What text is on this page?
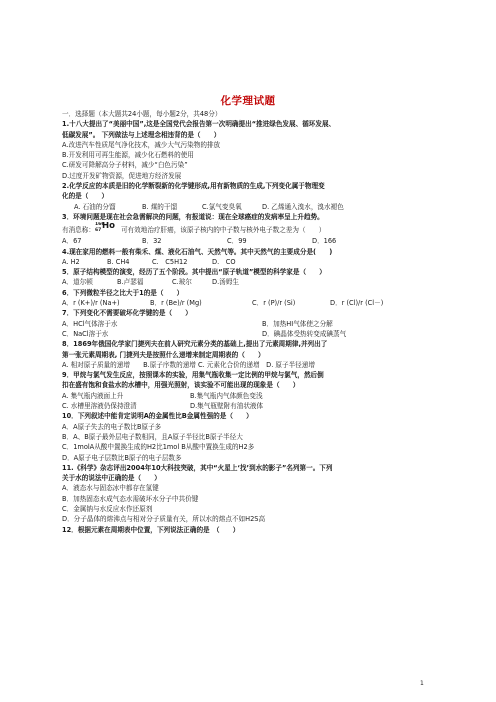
化学理试题
一．选择题（本大题共24小题，每小题2分，共48分）
1.十八大提出了“美丽中国”,这是全国党代会报告第一次明确提出“推进绿色发展、循环发展、
低碳发展”。 下列做法与上述理念相违背的是（　　）
A.改进汽车性质尾气净化技术，减少大气污染物的排放
B.开发利用可再生能源，减少化石燃料的使用
C.研发可降解高分子材料，减少“白色污染”
D.过度开发矿物资源，促进地方经济发展
2.化学反应的本质是旧的化学断裂新的化学键形成,用有新物质的生成,下列变化属于物理变
化的是（　　）
A. 石油的分馏	B. 煤的干馏	C.氯气变臭氧	D. 乙烯通入溴水，溴水褪色
3．环境问题是现在社会急需解决的问题，有报道说：现在全球癌症的发病率呈上升趋势。
有消息称：
166
67 Ho 可有效地治疗肝癌，该原子核内的中子数与核外电子数之差为（　　）
A．67	B．32	C．99	D．166
4.现在家用的燃料一般有柴禾、煤、液化石油气、天然气等。其中天然气的主要成分是(　　)
A. H2	B. CH4	C.　C5H12	D.　CO
5．原子结构模型的演变，经历了五个阶段。其中提出“原子轨道”模型的科学家是（　　）
A．道尔顿	B.卢瑟福	C.玻尔	D.汤姆生
6．下列微粒半径之比大于1的是（　　）
A．r (K+)/r (Na+)	B．r (Be)/r (Mg)	C．r (P)/r (Si)	D．r (Cl)/r (Cl－)
7．下列变化不需要破坏化学键的是（　　）
A．HCl气体溶于水	B．加热HI气体使之分解
C．NaCl溶于水	D．碘晶体受热转变成碘蒸气
8．1869年俄国化学家门捷列夫在前人研究元素分类的基础上,提出了元素周期律,并列出了
第一张元素周期表, 门捷列夫是按照什么递增来制定周期表的（　　）
A. 相对原子质量的递增　　B.原子序数的递增 C. 元素化合价的递增　D. 原子半径递增
9．甲烷与氯气发生反应，按照课本的实验，用集气瓶收集一定比例的甲烷与氯气，然后倒
扣在盛有饱和食盐水的水槽中，用强光照射，该实验不可能出现的现象是（　　）
A. 集气瓶内液面上升	B.集气瓶内气体颜色变浅
C. 水槽里溶液仍保持澄清	D.集气瓶壁附有油状液体
10．下列叙述中能肯定说明A的金属性比B金属性强的是（　　）
A．A原子失去的电子数比B原子多
B．A、B原子最外层电子数相同，且A原子半径比B原子半径大
C．1molA从酸中置换生成的H2比1mol B从酸中置换生成的H2多
D．A原子电子层数比B原子的电子层数多
11.《科学》杂志评出2004年10大科技突破，其中“火星上‘找’到水的影子”名列第一。下列
关于水的说法中正确的是（　　）
A．液态水与固态冰中都存在氢键
B．加热固态水成气态水需破坏水分子中共价键
C．金属钠与水反应水作还原剂
D．分子晶体的熔沸点与相对分子质量有关，所以水的熔点不如H2S高
12．根据元素在周期表中位置，下列说法正确的是　（　　）
1
